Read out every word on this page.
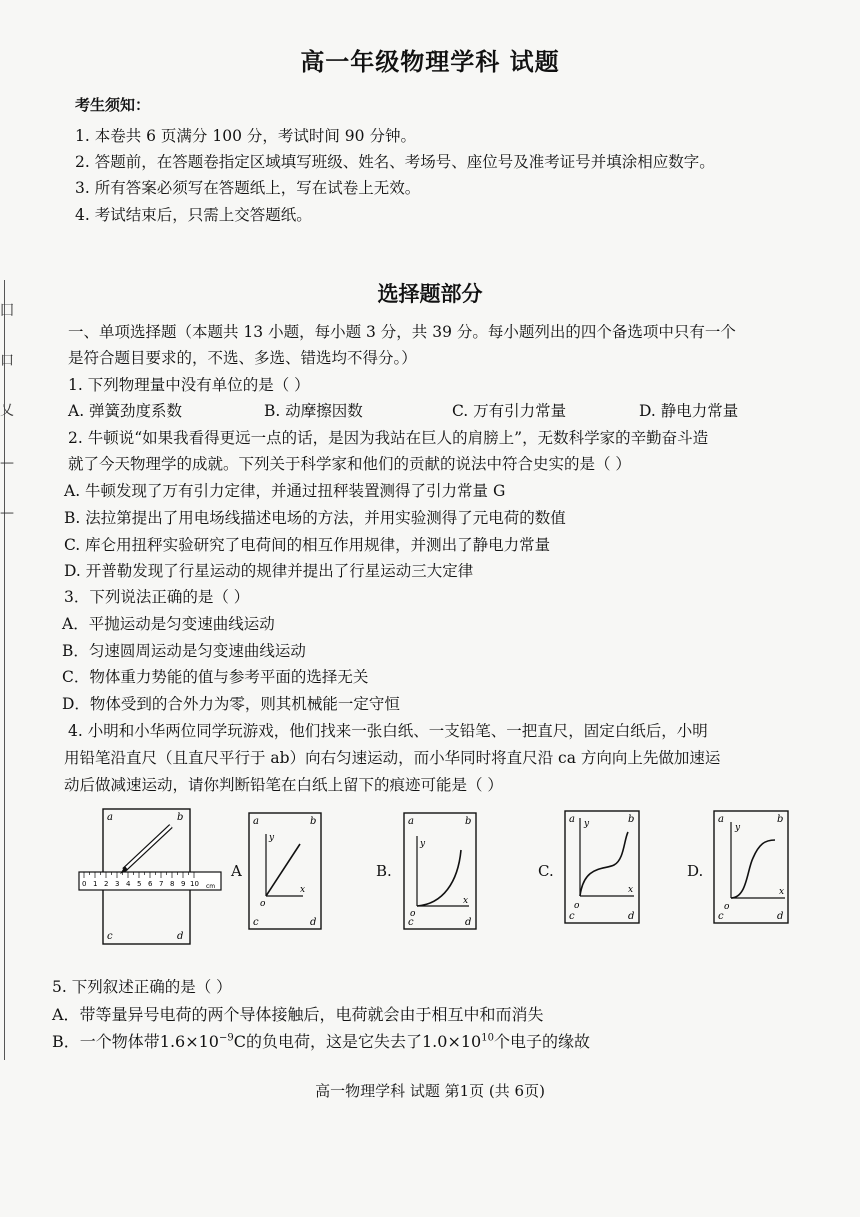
囗
口
乂
—
—
高一年级物理学科 试题
考生须知：
1. 本卷共 6 页满分 100 分，考试时间 90 分钟。
2. 答题前，在答题卷指定区域填写班级、姓名、考场号、座位号及准考证号并填涂相应数字。
3. 所有答案必须写在答题纸上，写在试卷上无效。
4. 考试结束后，只需上交答题纸。
选择题部分
一、单项选择题（本题共 13 小题，每小题 3 分，共 39 分。每小题列出的四个备选项中只有一个
是符合题目要求的，不选、多选、错选均不得分。）
1. 下列物理量中没有单位的是（ ）
A. 弹簧劲度系数	B. 动摩擦因数	C. 万有引力常量	D. 静电力常量
2. 牛顿说“如果我看得更远一点的话，是因为我站在巨人的肩膀上”，无数科学家的辛勤奋斗造
就了今天物理学的成就。下列关于科学家和他们的贡献的说法中符合史实的是（ ）
A. 牛顿发现了万有引力定律，并通过扭秤装置测得了引力常量 G
B. 法拉第提出了用电场线描述电场的方法，并用实验测得了元电荷的数值
C. 库仑用扭秤实验研究了电荷间的相互作用规律，并测出了静电力常量
D. 开普勒发现了行星运动的规律并提出了行星运动三大定律
3．下列说法正确的是（ ）
A．平抛运动是匀变速曲线运动
B．匀速圆周运动是匀变速曲线运动
C．物体重力势能的值与参考平面的选择无关
D．物体受到的合外力为零，则其机械能一定守恒
4. 小明和小华两位同学玩游戏，他们找来一张白纸、一支铅笔、一把直尺，固定白纸后，小明
用铅笔沿直尺（且直尺平行于 ab）向右匀速运动，而小华同时将直尺沿 ca 方向向上先做加速运
动后做减速运动，请你判断铅笔在白纸上留下的痕迹可能是（ ）
a	b
c	d
0 1 2 3 4 5 6 7 8 9 10 cm
A
a	b
c	d
y
x
o
B.
a	b
c	d
y
x
o
C.
a	b
c	d
y
x
o
D.
a	b
c	d
y
x
o
5. 下列叙述正确的是（ ）
A．带等量异号电荷的两个导体接触后，电荷就会由于相互中和而消失
B．一个物体带$1.6\times 10^{-9}C$的负电荷，这是它失去了$1.0\times 10^{10}$个电子的缘故
高一物理学科 试题 第1页 (共 6页)
